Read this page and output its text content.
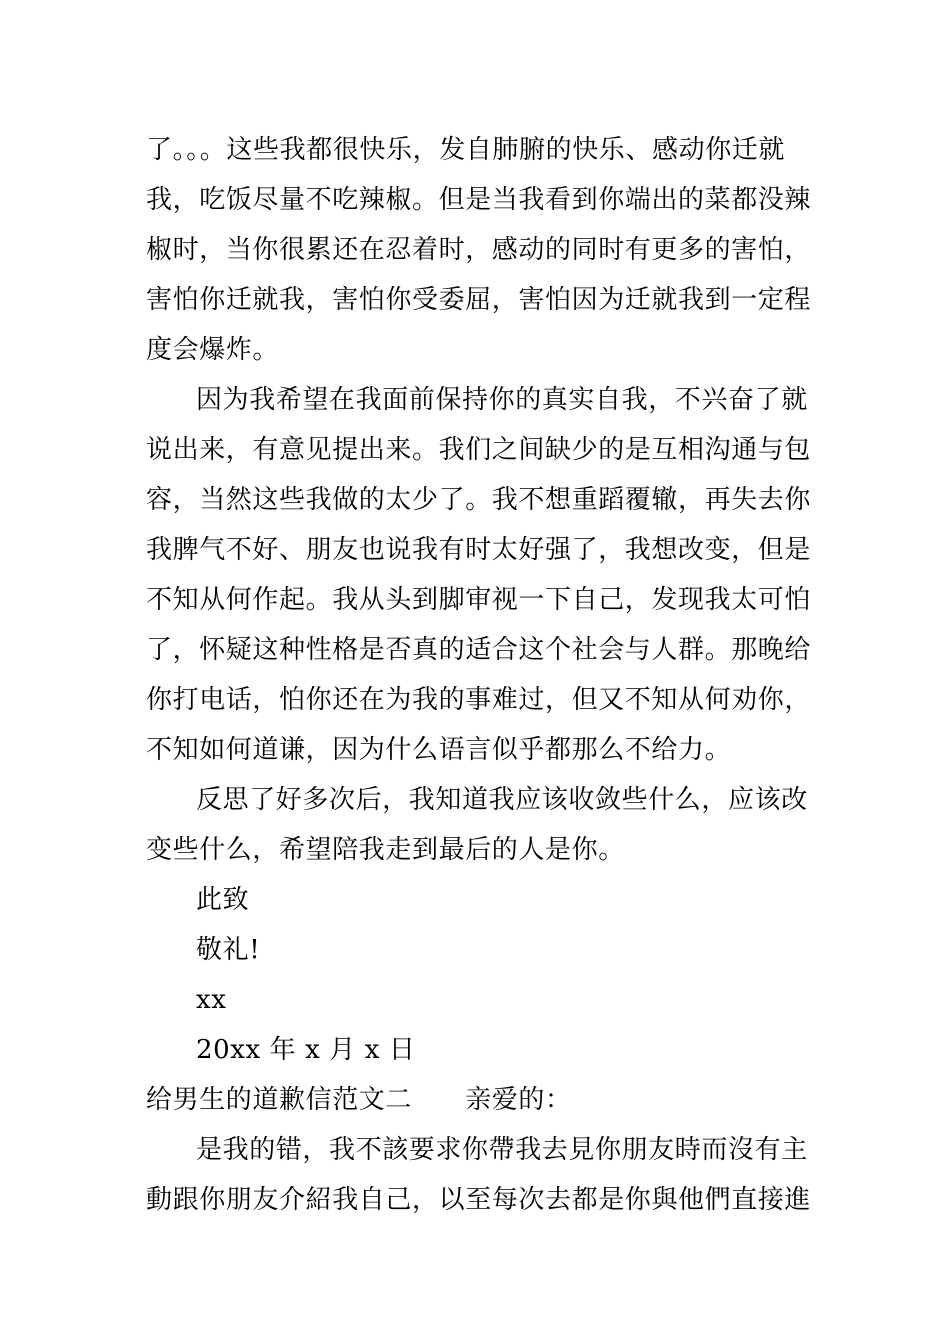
了。。。这些我都很快乐，发自肺腑的快乐、感动你迁就
我，吃饭尽量不吃辣椒。但是当我看到你端出的菜都没辣
椒时，当你很累还在忍着时，感动的同时有更多的害怕，
害怕你迁就我，害怕你受委屈，害怕因为迁就我到一定程
度会爆炸。
因为我希望在我面前保持你的真实自我，不兴奋了就
说出来，有意见提出来。我们之间缺少的是互相沟通与包
容，当然这些我做的太少了。我不想重蹈覆辙，再失去你
我脾气不好、朋友也说我有时太好强了，我想改变，但是
不知从何作起。我从头到脚审视一下自己，发现我太可怕
了，怀疑这种性格是否真的适合这个社会与人群。那晚给
你打电话，怕你还在为我的事难过，但又不知从何劝你，
不知如何道谦，因为什么语言似乎都那么不给力。
反思了好多次后，我知道我应该收敛些什么，应该改
变些什么，希望陪我走到最后的人是你。
此致
敬礼!
xx
20xx 年 x 月 x 日
给男生的道歉信范文二　　亲爱的：
是我的错，我不該要求你帶我去見你朋友時而沒有主
動跟你朋友介紹我自己，以至每次去都是你與他們直接進
